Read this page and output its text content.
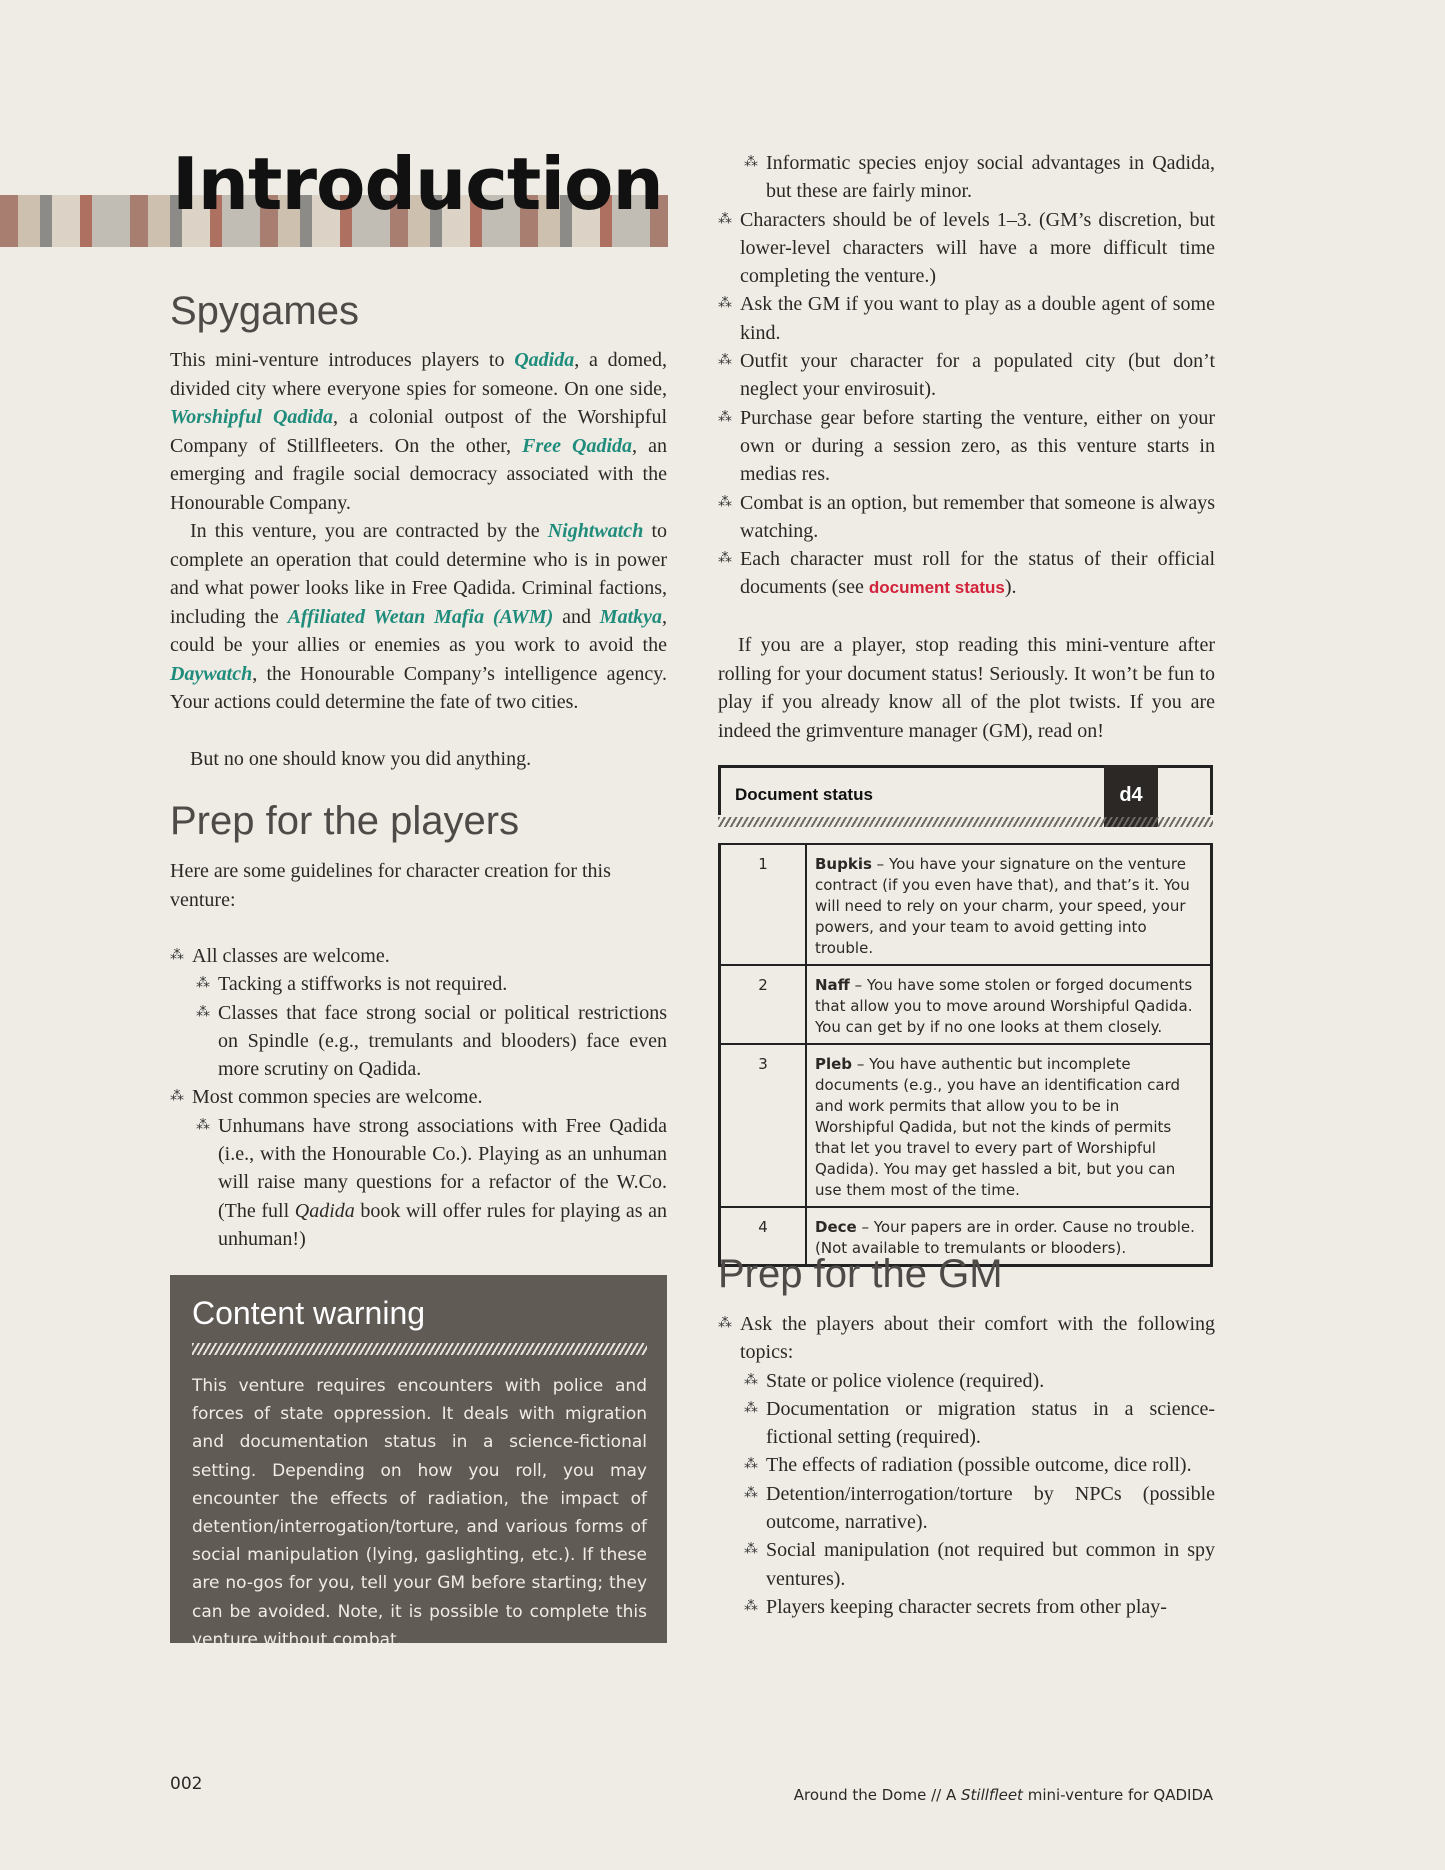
Introduction
Spygames

This mini-venture introduces players to Qadida, a domed, divided city where everyone spies for someone. On one side, Worshipful Qadida, a colonial outpost of the Worshipful Company of Stillfleeters. On the other, Free Qadida, an emerging and fragile social democracy associated with the Honourable Company.

In this venture, you are contracted by the Nightwatch to complete an operation that could determine who is in power and what power looks like in Free Qadida. Criminal factions, including the Affiliated Wetan Mafia (AWM) and Matkya, could be your allies or enemies as you work to avoid the Daywatch, the Honourable Company’s intelligence agency. Your actions could determine the fate of two cities.

But no one should know you did anything.

Prep for the players

Here are some guidelines for character creation for this venture:

⁂ All classes are welcome.
⁂ Tacking a stiffworks is not required.
⁂ Classes that face strong social or political restrictions on Spindle (e.g., tremulants and blooders) face even more scrutiny on Qadida.
⁂ Most common species are welcome.
⁂ Unhumans have strong associations with Free Qadida (i.e., with the Honourable Co.). Playing as an unhuman will raise many questions for a refactor of the W.Co. (The full Qadida book will offer rules for playing as an unhuman!)
Content warning

This venture requires encounters with police and forces of state oppression. It deals with migration and documentation status in a science-fictional setting. Depending on how you roll, you may encounter the effects of radiation, the impact of detention/interrogation/torture, and various forms of social manipulation (lying, gaslighting, etc.). If these are no-gos for you, tell your GM before starting; they can be avoided. Note, it is possible to complete this venture without combat.

⁂ Informatic species enjoy social advantages in Qadida, but these are fairly minor.
⁂ Characters should be of levels 1–3. (GM’s discretion, but lower-level characters will have a more difficult time completing the venture.)
⁂ Ask the GM if you want to play as a double agent of some kind.
⁂ Outfit your character for a populated city (but don’t neglect your envirosuit).
⁂ Purchase gear before starting the venture, either on your own or during a session zero, as this venture starts in medias res.
⁂ Combat is an option, but remember that someone is always watching.
⁂ Each character must roll for the status of their official documents (see document status).

If you are a player, stop reading this mini-venture after rolling for your document status! Seriously. It won’t be fun to play if you already know all of the plot twists. If you are indeed the grimventure manager (GM), read on!

Document status	d4
1	Bupkis – You have your signature on the venture contract (if you even have that), and that’s it. You will need to rely on your charm, your speed, your powers, and your team to avoid getting into trouble.
2	Naff – You have some stolen or forged documents that allow you to move around Worshipful Qadida. You can get by if no one looks at them closely.
3	Pleb – You have authentic but incomplete documents (e.g., you have an identification card and work permits that allow you to be in Worshipful Qadida, but not the kinds of permits that let you travel to every part of Worshipful Qadida). You may get hassled a bit, but you can use them most of the time.
4	Dece – Your papers are in order. Cause no trouble. (Not available to tremulants or blooders).
Prep for the GM
⁂ Ask the players about their comfort with the following topics:
⁂ State or police violence (required).
⁂ Documentation or migration status in a science-fictional setting (required).
⁂ The effects of radiation (possible outcome, dice roll).
⁂ Detention/interrogation/torture by NPCs (possible outcome, narrative).
⁂ Social manipulation (not required but common in spy ventures).
⁂ Players keeping character secrets from other play-
002
Around the Dome // A Stillfleet mini-venture for QADIDA
